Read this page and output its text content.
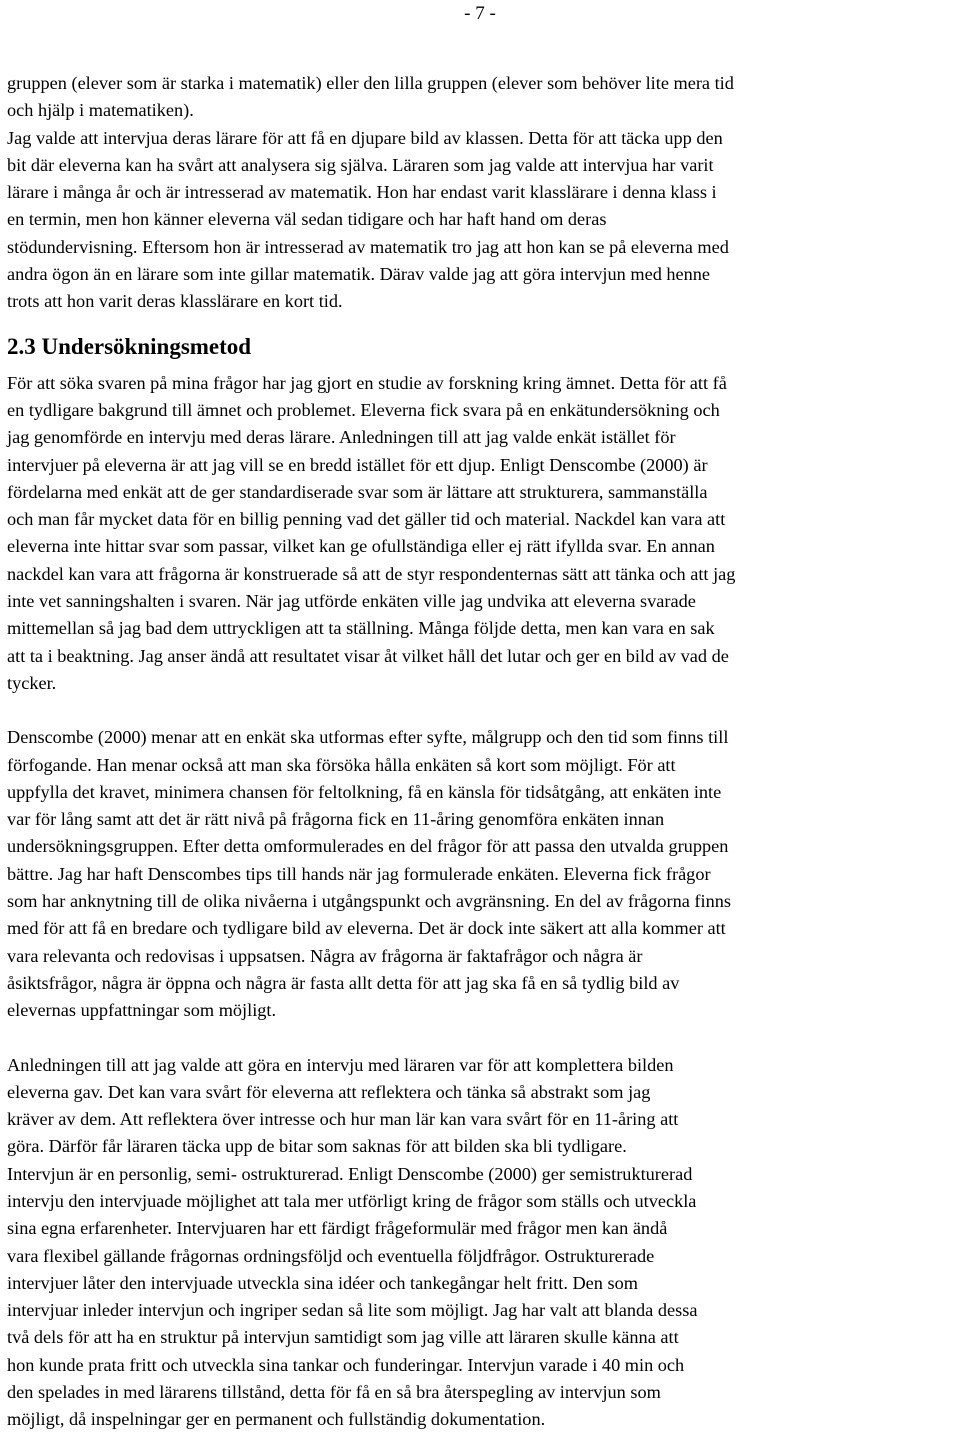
- 7 -
gruppen (elever som är starka i matematik) eller den lilla gruppen (elever som behöver lite mera tid
och hjälp i matematiken).
Jag valde att intervjua deras lärare för att få en djupare bild av klassen. Detta för att täcka upp den
bit där eleverna kan ha svårt att analysera sig själva. Läraren som jag valde att intervjua har varit
lärare i många år och är intresserad av matematik. Hon har endast varit klasslärare i denna klass i
en termin, men hon känner eleverna väl sedan tidigare och har haft hand om deras
stödundervisning. Eftersom hon är intresserad av matematik tro jag att hon kan se på eleverna med
andra ögon än en lärare som inte gillar matematik. Därav valde jag att göra intervjun med henne
trots att hon varit deras klasslärare en kort tid.
2.3 Undersökningsmetod
För att söka svaren på mina frågor har jag gjort en studie av forskning kring ämnet. Detta för att få
en tydligare bakgrund till ämnet och problemet. Eleverna fick svara på en enkätundersökning och
jag genomförde en intervju med deras lärare. Anledningen till att jag valde enkät istället för
intervjuer på eleverna är att jag vill se en bredd istället för ett djup. Enligt Denscombe (2000) är
fördelarna med enkät att de ger standardiserade svar som är lättare att strukturera, sammanställa
och man får mycket data för en billig penning vad det gäller tid och material. Nackdel kan vara att
eleverna inte hittar svar som passar, vilket kan ge ofullständiga eller ej rätt ifyllda svar. En annan
nackdel kan vara att frågorna är konstruerade så att de styr respondenternas sätt att tänka och att jag
inte vet sanningshalten i svaren. När jag utförde enkäten ville jag undvika att eleverna svarade
mittemellan så jag bad dem uttryckligen att ta ställning. Många följde detta, men kan vara en sak
att ta i beaktning. Jag anser ändå att resultatet visar åt vilket håll det lutar och ger en bild av vad de
tycker.
Denscombe (2000) menar att en enkät ska utformas efter syfte, målgrupp och den tid som finns till
förfogande. Han menar också att man ska försöka hålla enkäten så kort som möjligt. För att
uppfylla det kravet, minimera chansen för feltolkning, få en känsla för tidsåtgång, att enkäten inte
var för lång samt att det är rätt nivå på frågorna fick en 11-åring genomföra enkäten innan
undersökningsgruppen. Efter detta omformulerades en del frågor för att passa den utvalda gruppen
bättre. Jag har haft Denscombes tips till hands när jag formulerade enkäten. Eleverna fick frågor
som har anknytning till de olika nivåerna i utgångspunkt och avgränsning. En del av frågorna finns
med för att få en bredare och tydligare bild av eleverna. Det är dock inte säkert att alla kommer att
vara relevanta och redovisas i uppsatsen. Några av frågorna är faktafrågor och några är
åsiktsfrågor, några är öppna och några är fasta allt detta för att jag ska få en så tydlig bild av
elevernas uppfattningar som möjligt.
Anledningen till att jag valde att göra en intervju med läraren var för att komplettera bilden
eleverna gav. Det kan vara svårt för eleverna att reflektera och tänka så abstrakt som jag
kräver av dem. Att reflektera över intresse och hur man lär kan vara svårt för en 11-åring att
göra. Därför får läraren täcka upp de bitar som saknas för att bilden ska bli tydligare.
Intervjun är en personlig, semi- ostrukturerad. Enligt Denscombe (2000) ger semistrukturerad
intervju den intervjuade möjlighet att tala mer utförligt kring de frågor som ställs och utveckla
sina egna erfarenheter. Intervjuaren har ett färdigt frågeformulär med frågor men kan ändå
vara flexibel gällande frågornas ordningsföljd och eventuella följdfrågor. Ostrukturerade
intervjuer låter den intervjuade utveckla sina idéer och tankegångar helt fritt. Den som
intervjuar inleder intervjun och ingriper sedan så lite som möjligt. Jag har valt att blanda dessa
två dels för att ha en struktur på intervjun samtidigt som jag ville att läraren skulle känna att
hon kunde prata fritt och utveckla sina tankar och funderingar. Intervjun varade i 40 min och
den spelades in med lärarens tillstånd, detta för få en så bra återspegling av intervjun som
möjligt, då inspelningar ger en permanent och fullständig dokumentation.
